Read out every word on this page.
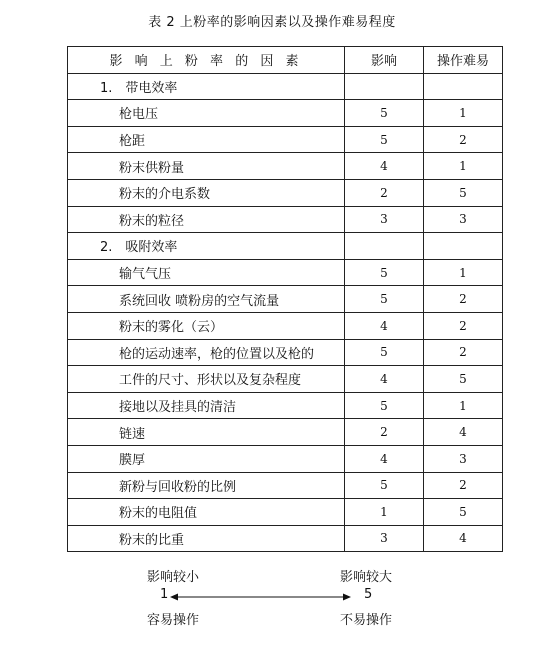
表 2 上粉率的影响因素以及操作难易程度
影 响 上 粉 率 的 因 素	影响	操作难易
1.　带电效率		
枪电压	5	1
枪距	5	2
粉末供粉量	4	1
粉末的介电系数	2	5
粉末的粒径	3	3
2.　吸附效率		
输气气压	5	1
系统回收 喷粉房的空气流量	5	2
粉末的雾化（云）	4	2
枪的运动速率，枪的位置以及枪的	5	2
工件的尺寸、形状以及复杂程度	4	5
接地以及挂具的清洁	5	1
链速	2	4
膜厚	4	3
新粉与回收粉的比例	5	2
粉末的电阻值	1	5
粉末的比重	3	4
影响较小
1
容易操作
影响较大
5
不易操作
